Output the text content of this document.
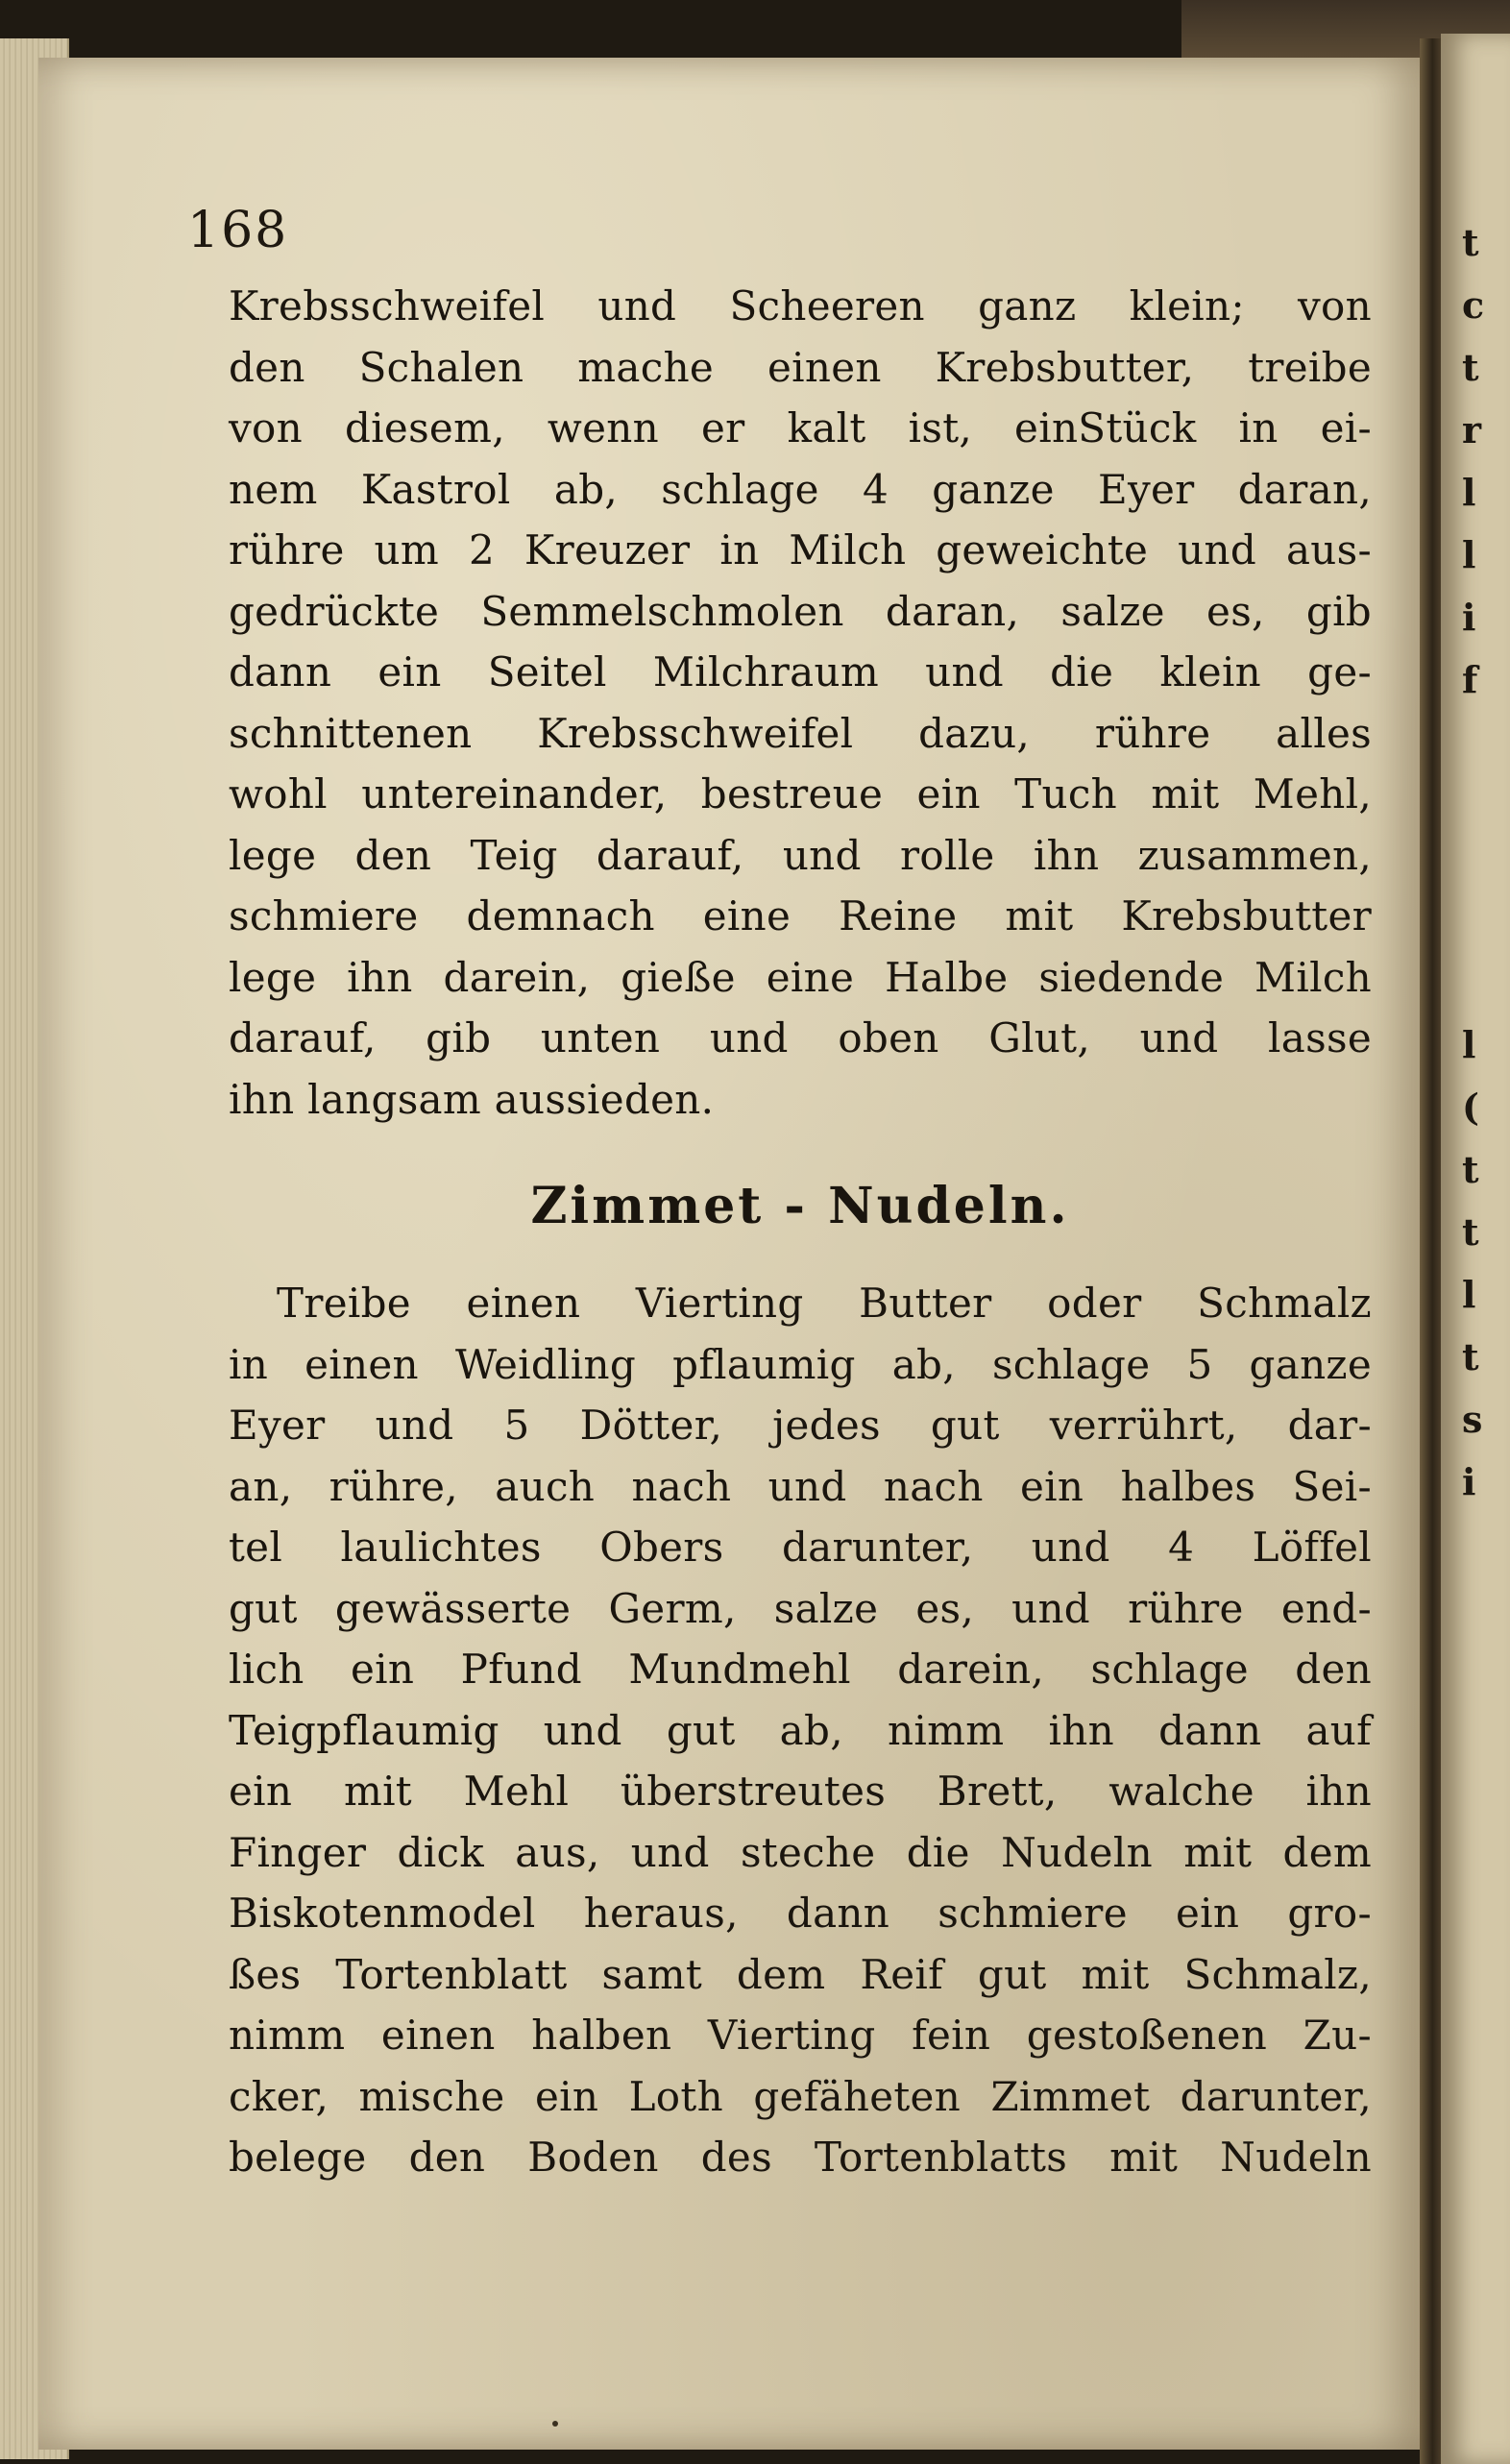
t
c
t
r
l
l
i
f
l
(
t
t
l
t
s
i
168
Krebsschweifel und Scheeren ganz klein; von
den Schalen mache einen Krebsbutter, treibe
von diesem, wenn er kalt ist, einStück in ei-
nem Kastrol ab, schlage 4 ganze Eyer daran,
rühre um 2 Kreuzer in Milch geweichte und aus-
gedrückte Semmelschmolen daran, salze es, gib
dann ein Seitel Milchraum und die klein ge-
schnittenen Krebsschweifel dazu, rühre alles
wohl untereinander, bestreue ein Tuch mit Mehl,
lege den Teig darauf, und rolle ihn zusammen,
schmiere demnach eine Reine mit Krebsbutter
lege ihn darein, gieße eine Halbe siedende Milch
darauf, gib unten und oben Glut, und lasse
ihn langsam aussieden.
Zimmet - Nudeln.
Treibe einen Vierting Butter oder Schmalz
in einen Weidling pflaumig ab, schlage 5 ganze
Eyer und 5 Dötter, jedes gut verrührt, dar-
an, rühre, auch nach und nach ein halbes Sei-
tel laulichtes Obers darunter, und 4 Löffel
gut gewässerte Germ, salze es, und rühre end-
lich ein Pfund Mundmehl darein, schlage den
Teigpflaumig und gut ab, nimm ihn dann auf
ein mit Mehl überstreutes Brett, walche ihn
Finger dick aus, und steche die Nudeln mit dem
Biskotenmodel heraus, dann schmiere ein gro-
ßes Tortenblatt samt dem Reif gut mit Schmalz,
nimm einen halben Vierting fein gestoßenen Zu-
cker, mische ein Loth gefäheten Zimmet darunter,
belege den Boden des Tortenblatts mit Nudeln
